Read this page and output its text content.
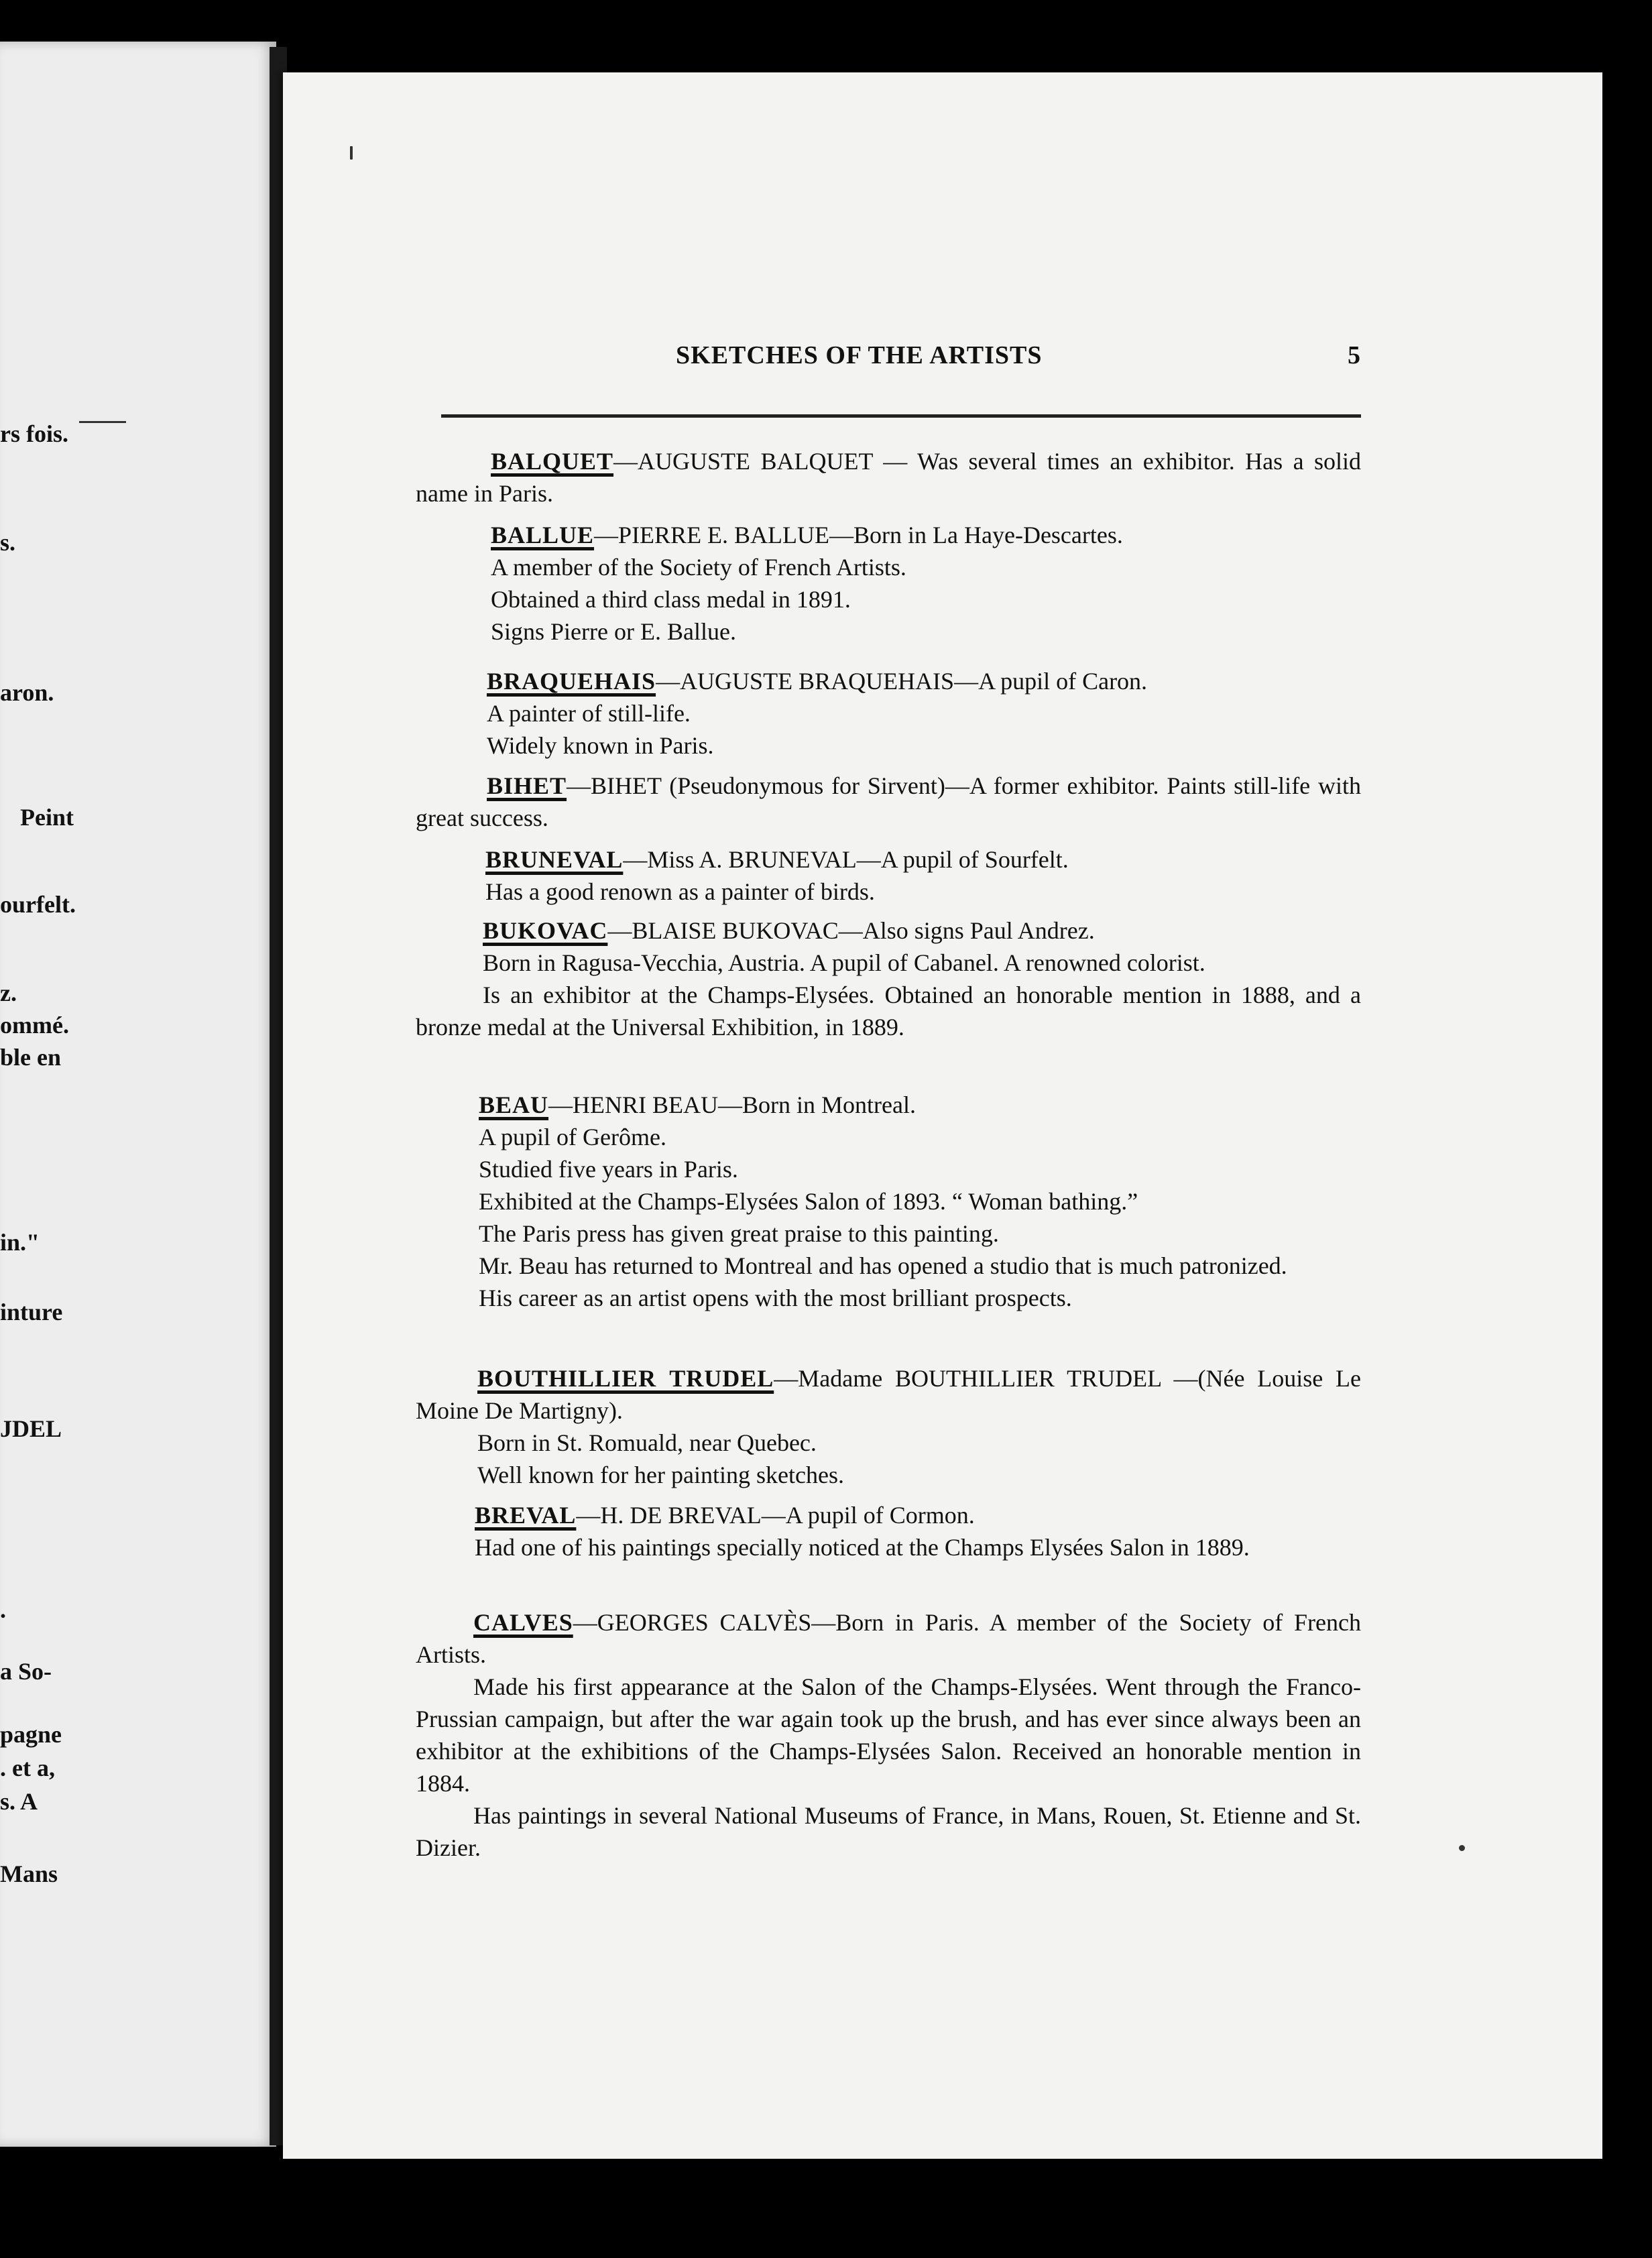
rs fois.
s.
aron.
Peint
ourfelt.
z.
ommé.
ble en
in."
inture
JDEL
.
a So-
pagne
. et a,
s. A
Mans
SKETCHES OF THE ARTISTS	5
BALQUET—AUGUSTE BALQUET — Was several times an exhibitor. Has a solid name in Paris.
BALLUE—PIERRE E. BALLUE—Born in La Haye-Descartes.
A member of the Society of French Artists.
Obtained a third class medal in 1891.
Signs Pierre or E. Ballue.
BRAQUEHAIS—AUGUSTE BRAQUEHAIS—A pupil of Caron.
A painter of still-life.
Widely known in Paris.
BIHET—BIHET (Pseudonymous for Sirvent)—A former exhibitor. Paints still-life with great success.
BRUNEVAL—Miss A. BRUNEVAL—A pupil of Sourfelt.
Has a good renown as a painter of birds.
BUKOVAC—BLAISE BUKOVAC—Also signs Paul Andrez.
Born in Ragusa-Vecchia, Austria. A pupil of Cabanel. A renowned colorist.
Is an exhibitor at the Champs-Elysées. Obtained an honorable mention in 1888, and a bronze medal at the Universal Exhibition, in 1889.
BEAU—HENRI BEAU—Born in Montreal.
A pupil of Gerôme.
Studied five years in Paris.
Exhibited at the Champs-Elysées Salon of 1893. “ Woman bathing.”
The Paris press has given great praise to this painting.
Mr. Beau has returned to Montreal and has opened a studio that is much patronized.
His career as an artist opens with the most brilliant prospects.
BOUTHILLIER TRUDEL—Madame BOUTHILLIER TRUDEL —(Née Louise Le Moine De Martigny).
Born in St. Romuald, near Quebec.
Well known for her painting sketches.
BREVAL—H. DE BREVAL—A pupil of Cormon.
Had one of his paintings specially noticed at the Champs Elysées Salon in 1889.
CALVES—GEORGES CALVÈS—Born in Paris. A member of the Society of French Artists.
Made his first appearance at the Salon of the Champs-Elysées. Went through the Franco-Prussian campaign, but after the war again took up the brush, and has ever since always been an exhibitor at the exhibitions of the Champs-Elysées Salon. Received an honorable mention in 1884.
Has paintings in several National Museums of France, in Mans, Rouen, St. Etienne and St. Dizier.
